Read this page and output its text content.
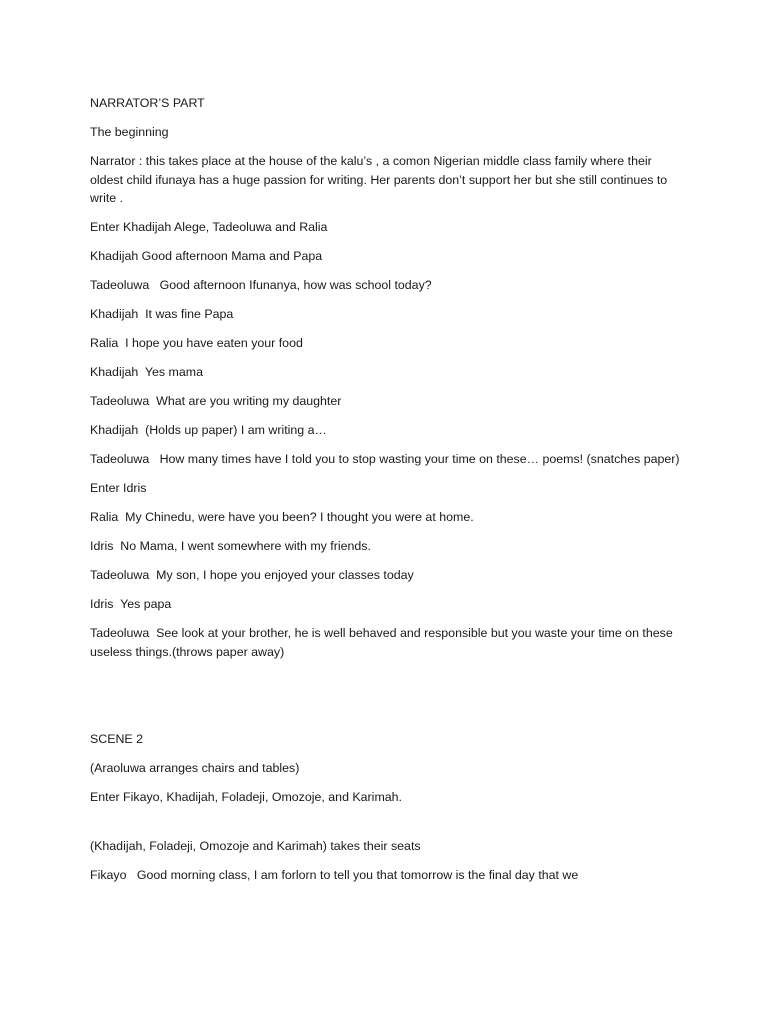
NARRATOR’S PART

The beginning

Narrator : this takes place at the house of the kalu’s , a comon Nigerian middle class family where their oldest child ifunaya has a huge passion for writing. Her parents don’t support her but she still continues to write .

Enter Khadijah Alege, Tadeoluwa and Ralia

Khadijah Good afternoon Mama and Papa

Tadeoluwa   Good afternoon Ifunanya, how was school today?

Khadijah  It was fine Papa

Ralia  I hope you have eaten your food

Khadijah  Yes mama

Tadeoluwa  What are you writing my daughter

Khadijah  (Holds up paper) I am writing a…

Tadeoluwa   How many times have I told you to stop wasting your time on these… poems! (snatches paper)

Enter Idris

Ralia  My Chinedu, were have you been? I thought you were at home.

Idris  No Mama, I went somewhere with my friends.

Tadeoluwa  My son, I hope you enjoyed your classes today

Idris  Yes papa

Tadeoluwa  See look at your brother, he is well behaved and responsible but you waste your time on these useless things.(throws paper away)

SCENE 2

(Araoluwa arranges chairs and tables)

Enter Fikayo, Khadijah, Foladeji, Omozoje, and Karimah.

(Khadijah, Foladeji, Omozoje and Karimah) takes their seats

Fikayo   Good morning class, I am forlorn to tell you that tomorrow is the final day that we
